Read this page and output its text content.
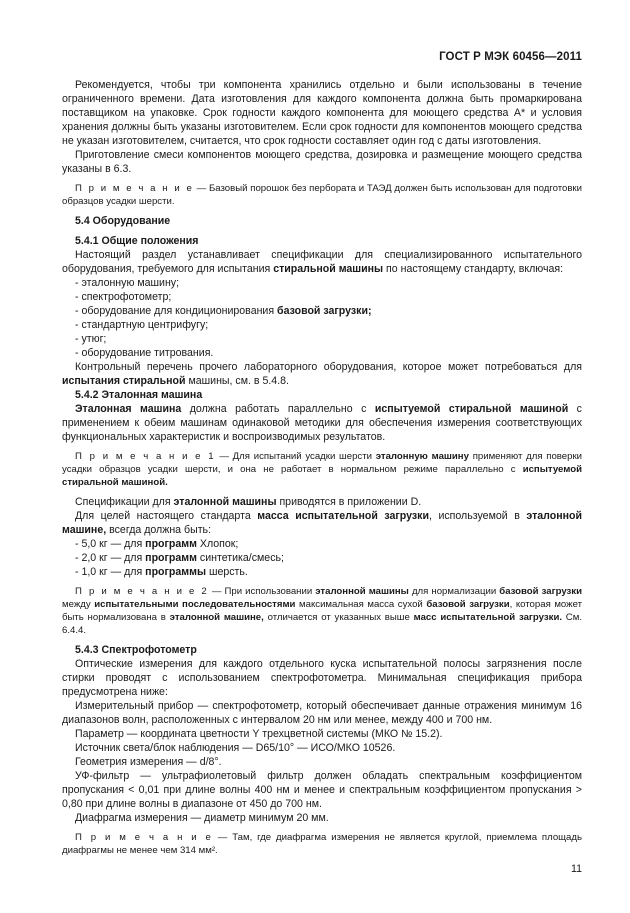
ГОСТ Р МЭК 60456—2011

Рекомендуется, чтобы три компонента хранились отдельно и были использованы в течение ограниченного времени. Дата изготовления для каждого компонента должна быть промаркирована поставщиком на упаковке. Срок годности каждого компонента для моющего средства А* и условия хранения должны быть указаны изготовителем. Если срок годности для компонентов моющего средства не указан изготовителем, считается, что срок годности составляет один год с даты изготовления.

Приготовление смеси компонентов моющего средства, дозировка и размещение моющего средства указаны в 6.3.

П р и м е ч а н и е — Базовый порошок без пербората и ТАЭД должен быть использован для подготовки образцов усадки шерсти.

5.4 Оборудование

5.4.1 Общие положения

Настоящий раздел устанавливает спецификации для специализированного испытательного оборудования, требуемого для испытания стиральной машины по настоящему стандарту, включая:

- эталонную машину;

- спектрофотометр;

- оборудование для кондиционирования базовой загрузки;

- стандартную центрифугу;

- утюг;

- оборудование титрования.

Контрольный перечень прочего лабораторного оборудования, которое может потребоваться для испытания стиральной машины, см. в 5.4.8.

5.4.2 Эталонная машина

Эталонная машина должна работать параллельно с испытуемой стиральной машиной с применением к обеим машинам одинаковой методики для обеспечения измерения соответствующих функциональных характеристик и воспроизводимых результатов.

П р и м е ч а н и е 1 — Для испытаний усадки шерсти эталонную машину применяют для поверки усадки образцов усадки шерсти, и она не работает в нормальном режиме параллельно с испытуемой стиральной машиной.

Спецификации для эталонной машины приводятся в приложении D.

Для целей настоящего стандарта масса испытательной загрузки, используемой в эталонной машине, всегда должна быть:

- 5,0 кг — для программ Хлопок;

- 2,0 кг — для программ синтетика/смесь;

- 1,0 кг — для программы шерсть.

П р и м е ч а н и е 2 — При использовании эталонной машины для нормализации базовой загрузки между испытательными последовательностями максимальная масса сухой базовой загрузки, которая может быть нормализована в эталонной машине, отличается от указанных выше масс испытательной загрузки. См. 6.4.4.

5.4.3 Спектрофотометр

Оптические измерения для каждого отдельного куска испытательной полосы загрязнения после стирки проводят с использованием спектрофотометра. Минимальная спецификация прибора предусмотрена ниже:

Измерительный прибор — спектрофотометр, который обеспечивает данные отражения минимум 16 диапазонов волн, расположенных с интервалом 20 нм или менее, между 400 и 700 нм.

Параметр — координата цветности Y трехцветной системы (МКО № 15.2).

Источник света/блок наблюдения — D65/10° — ИСО/МКО 10526.

Геометрия измерения — d/8°.

УФ-фильтр — ультрафиолетовый фильтр должен обладать спектральным коэффициентом пропускания < 0,01 при длине волны 400 нм и менее и спектральным коэффициентом пропускания > 0,80 при длине волны в диапазоне от 450 до 700 нм.

Диафрагма измерения — диаметр минимум 20 мм.

П р и м е ч а н и е — Там, где диафрагма измерения не является круглой, приемлема площадь диафрагмы не менее чем 314 мм².

11
